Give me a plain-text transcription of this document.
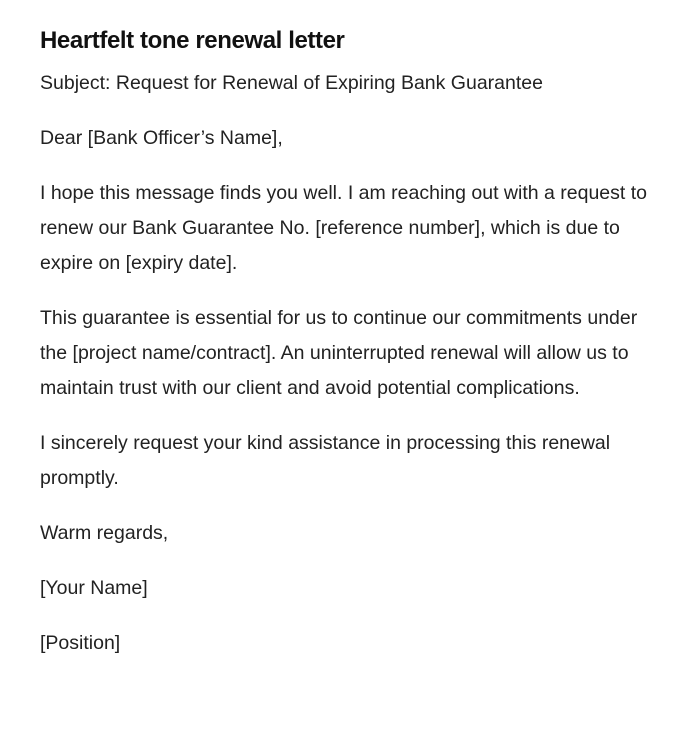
Heartfelt tone renewal letter

Subject: Request for Renewal of Expiring Bank Guarantee

Dear [Bank Officer’s Name],

I hope this message finds you well. I am reaching out with a request to renew our Bank Guarantee No. [reference number], which is due to expire on [expiry date].

This guarantee is essential for us to continue our commitments under the [project name/contract]. An uninterrupted renewal will allow us to maintain trust with our client and avoid potential complications.

I sincerely request your kind assistance in processing this renewal promptly.

Warm regards,

[Your Name]

[Position]
